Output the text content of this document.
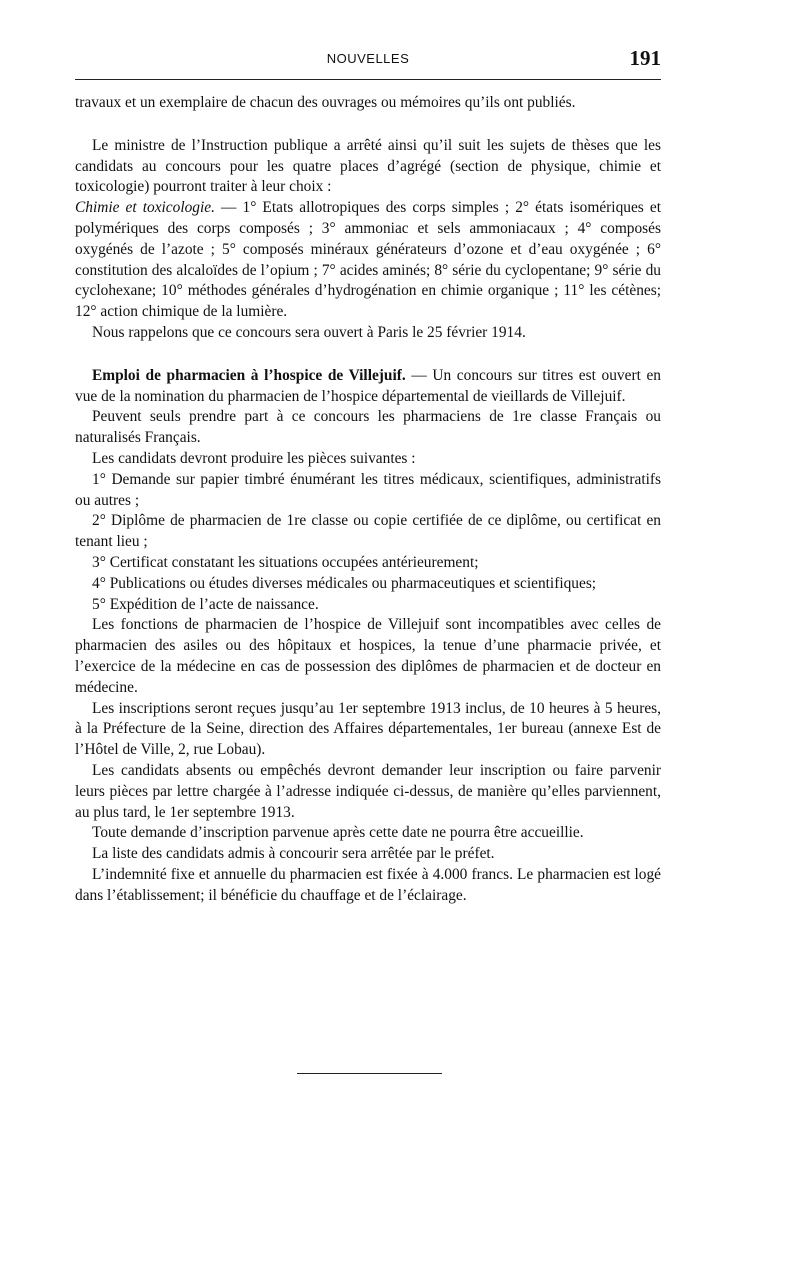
NOUVELLES	191

travaux et un exemplaire de chacun des ouvrages ou mémoires qu’ils ont publiés.

Le ministre de l’Instruction publique a arrêté ainsi qu’il suit les sujets de thèses que les candidats au concours pour les quatre places d’agrégé (section de physique, chimie et toxicologie) pourront traiter à leur choix :

Chimie et toxicologie. — 1° Etats allotropiques des corps simples ; 2° états isomériques et polymériques des corps composés ; 3° ammoniac et sels ammoniacaux ; 4° composés oxygénés de l’azote ; 5° composés minéraux générateurs d’ozone et d’eau oxygénée ; 6° constitution des alcaloïdes de l’opium ; 7° acides aminés; 8° série du cyclopentane; 9° série du cyclohexane; 10° méthodes générales d’hydrogénation en chimie organique ; 11° les cétènes; 12° action chimique de la lumière.

Nous rappelons que ce concours sera ouvert à Paris le 25 février 1914.

Emploi de pharmacien à l’hospice de Villejuif. — Un concours sur titres est ouvert en vue de la nomination du pharmacien de l’hospice départemental de vieillards de Villejuif.

Peuvent seuls prendre part à ce concours les pharmaciens de 1re classe Français ou naturalisés Français.

Les candidats devront produire les pièces suivantes :

1° Demande sur papier timbré énumérant les titres médicaux, scientifiques, administratifs ou autres ;

2° Diplôme de pharmacien de 1re classe ou copie certifiée de ce diplôme, ou certificat en tenant lieu ;

3° Certificat constatant les situations occupées antérieurement;

4° Publications ou études diverses médicales ou pharmaceutiques et scientifiques;

5° Expédition de l’acte de naissance.

Les fonctions de pharmacien de l’hospice de Villejuif sont incompatibles avec celles de pharmacien des asiles ou des hôpitaux et hospices, la tenue d’une pharmacie privée, et l’exercice de la médecine en cas de possession des diplômes de pharmacien et de docteur en médecine.

Les inscriptions seront reçues jusqu’au 1er septembre 1913 inclus, de 10 heures à 5 heures, à la Préfecture de la Seine, direction des Affaires départementales, 1er bureau (annexe Est de l’Hôtel de Ville, 2, rue Lobau).

Les candidats absents ou empêchés devront demander leur inscription ou faire parvenir leurs pièces par lettre chargée à l’adresse indiquée ci-dessus, de manière qu’elles parviennent, au plus tard, le 1er septembre 1913.

Toute demande d’inscription parvenue après cette date ne pourra être accueillie.

La liste des candidats admis à concourir sera arrêtée par le préfet.

L’indemnité fixe et annuelle du pharmacien est fixée à 4.000 francs. Le pharmacien est logé dans l’établissement; il bénéficie du chauffage et de l’éclairage.
